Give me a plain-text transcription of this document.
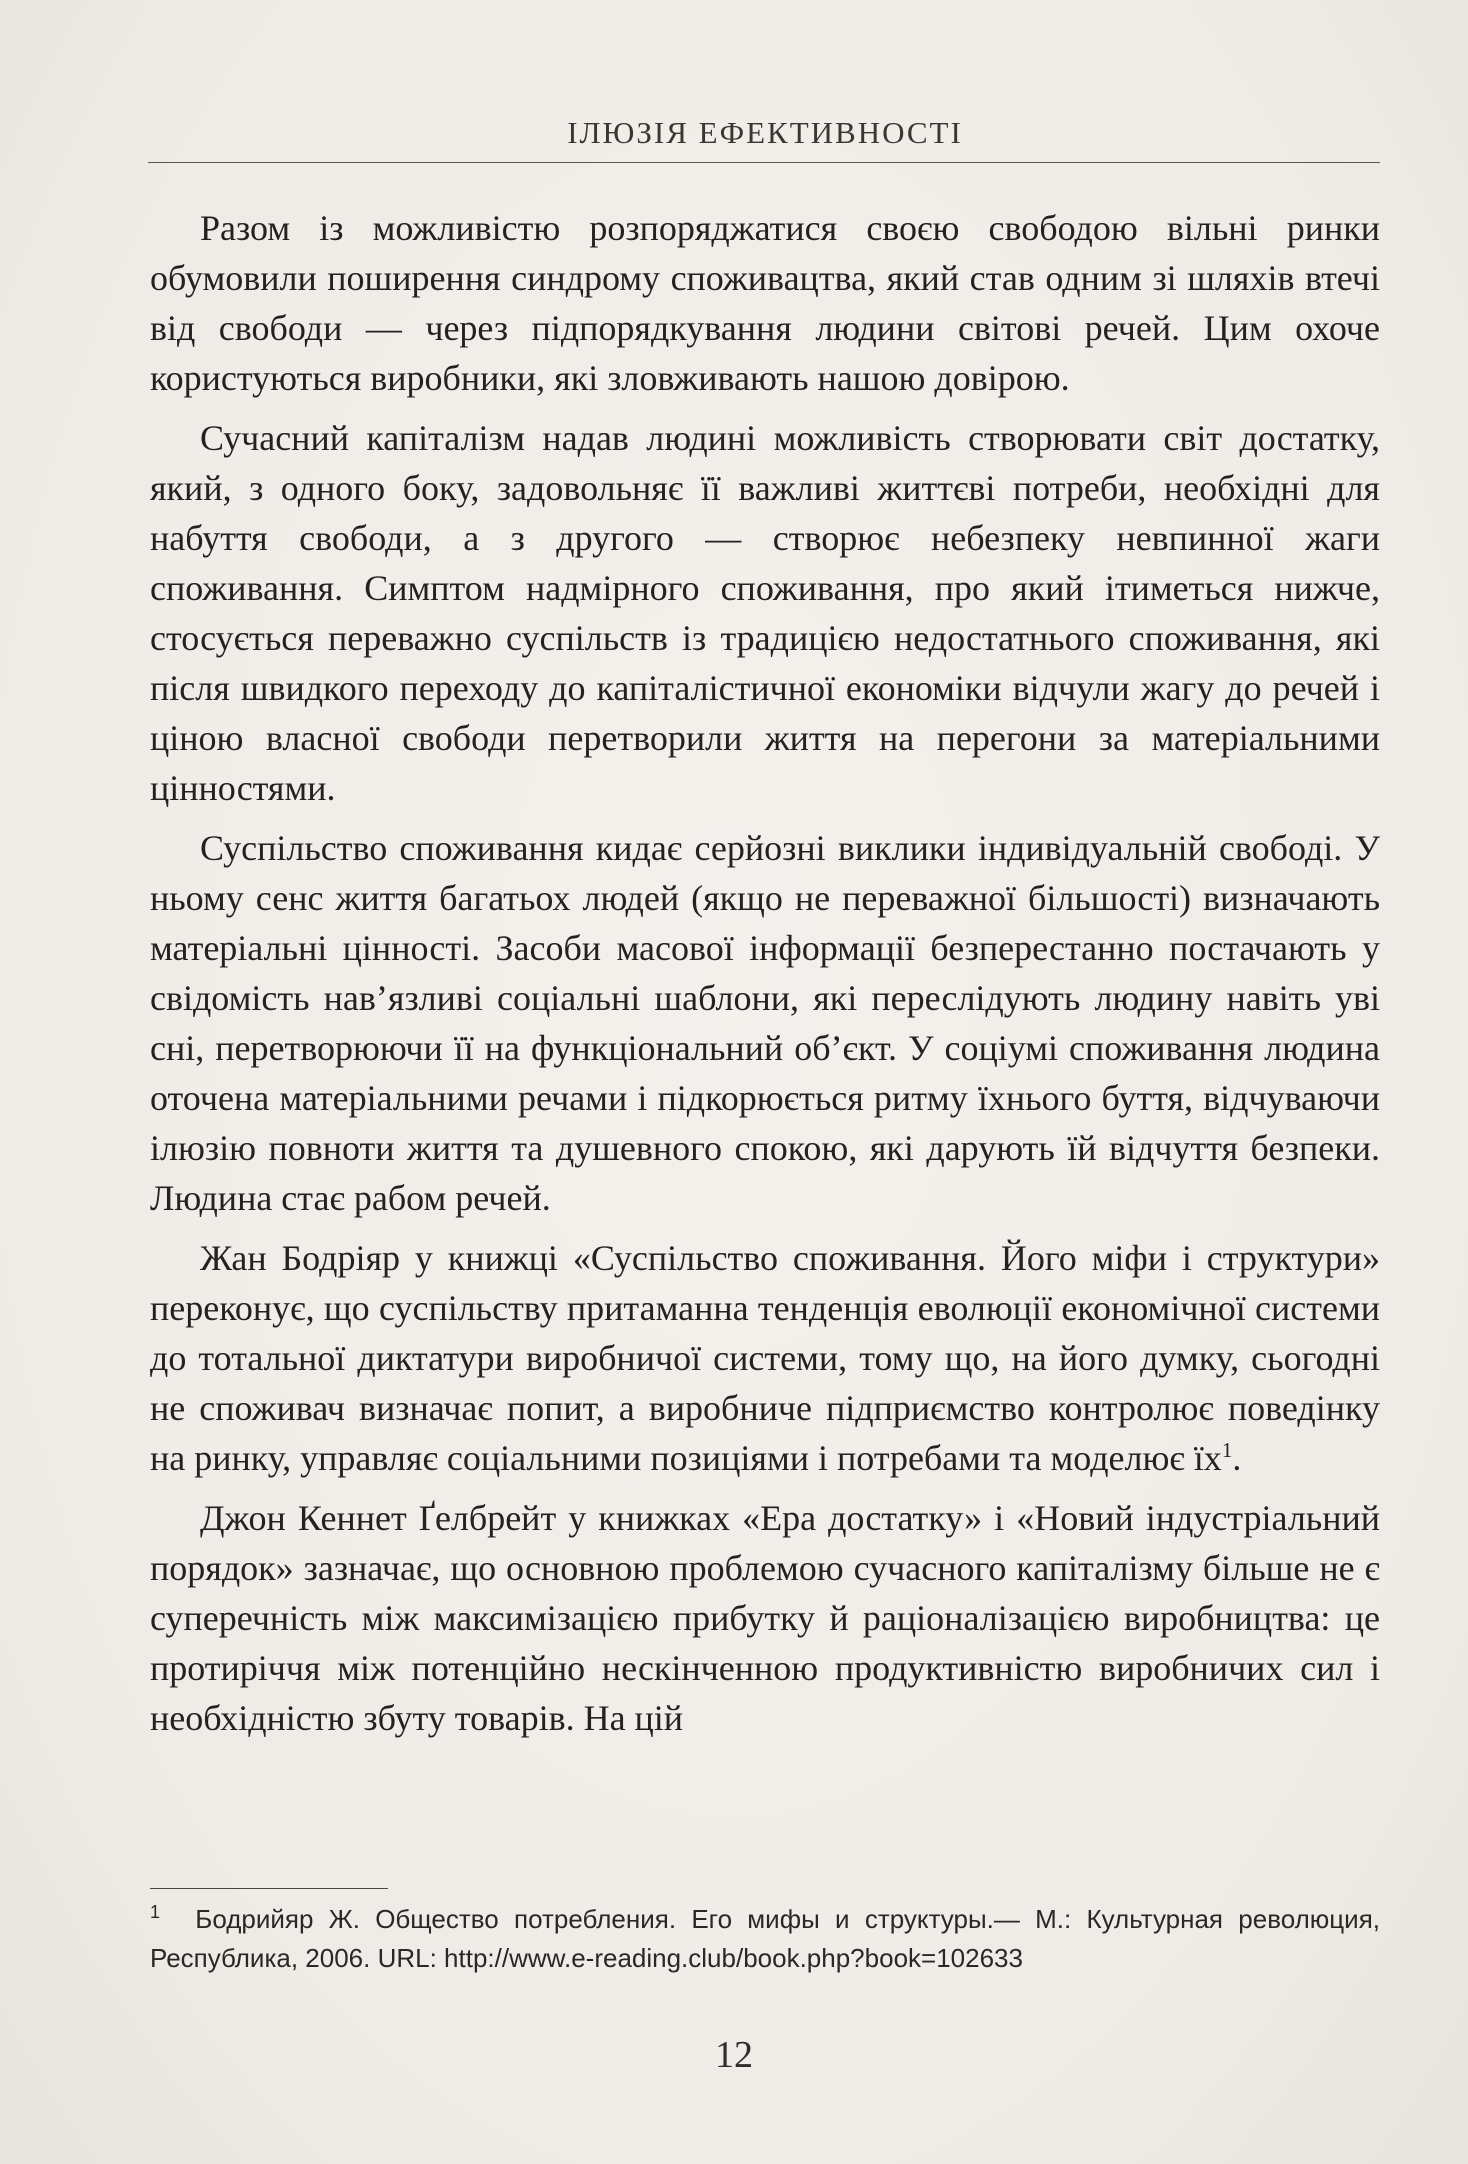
ІЛЮЗІЯ ЕФЕКТИВНОСТІ

Разом із можливістю розпоряджатися своєю свободою вільні ринки обумовили поширення синдрому споживацтва, який став одним зі шляхів втечі від свободи — через підпорядкування людини світові речей. Цим охоче користуються виробники, які зловживають нашою довірою.

Сучасний капіталізм надав людині можливість створювати світ достатку, який, з одного боку, задовольняє її важливі життєві потреби, необхідні для набуття свободи, а з другого — створює небезпеку невпинної жаги споживання. Симптом надмірного споживання, про який ітиметься нижче, стосується переважно суспільств із традицією недостатнього споживання, які після швидкого переходу до капіталістичної економіки відчули жагу до речей і ціною власної свободи перетворили життя на перегони за матеріальними цінностями.

Суспільство споживання кидає серйозні виклики індивідуальній свободі. У ньому сенс життя багатьох людей (якщо не переважної більшості) визначають матеріальні цінності. Засоби масової інформації безперестанно постачають у свідомість нав’язливі соціальні шаблони, які переслідують людину навіть уві сні, перетворюючи її на функціональний об’єкт. У соціумі споживання людина оточена матеріальними речами і підкорюється ритму їхнього буття, відчуваючи ілюзію повноти життя та душевного спокою, які дарують їй відчуття безпеки. Людина стає рабом речей.

Жан Бодріяр у книжці «Суспільство споживання. Його міфи і структури» переконує, що суспільству притаманна тенденція еволюції економічної системи до тотальної диктатури виробничої системи, тому що, на його думку, сьогодні не споживач визначає попит, а виробниче підприємство контролює поведінку на ринку, управляє соціальними позиціями і потребами та моделює $їх^1$.

Джон Кеннет Ґелбрейт у книжках «Ера достатку» і «Новий індустріальний порядок» зазначає, що основною проблемою сучасного капіталізму більше не є суперечність між максимізацією прибутку й раціоналізацією виробництва: це протиріччя між потенційно нескінченною продуктивністю виробничих сил і необхідністю збуту товарів. На цій

1 Бодрийяр Ж. Общество потребления. Его мифы и структуры.— М.: Культурная революция, Республика, 2006. URL: http://www.e-reading.club/book.php?book=102633
12
